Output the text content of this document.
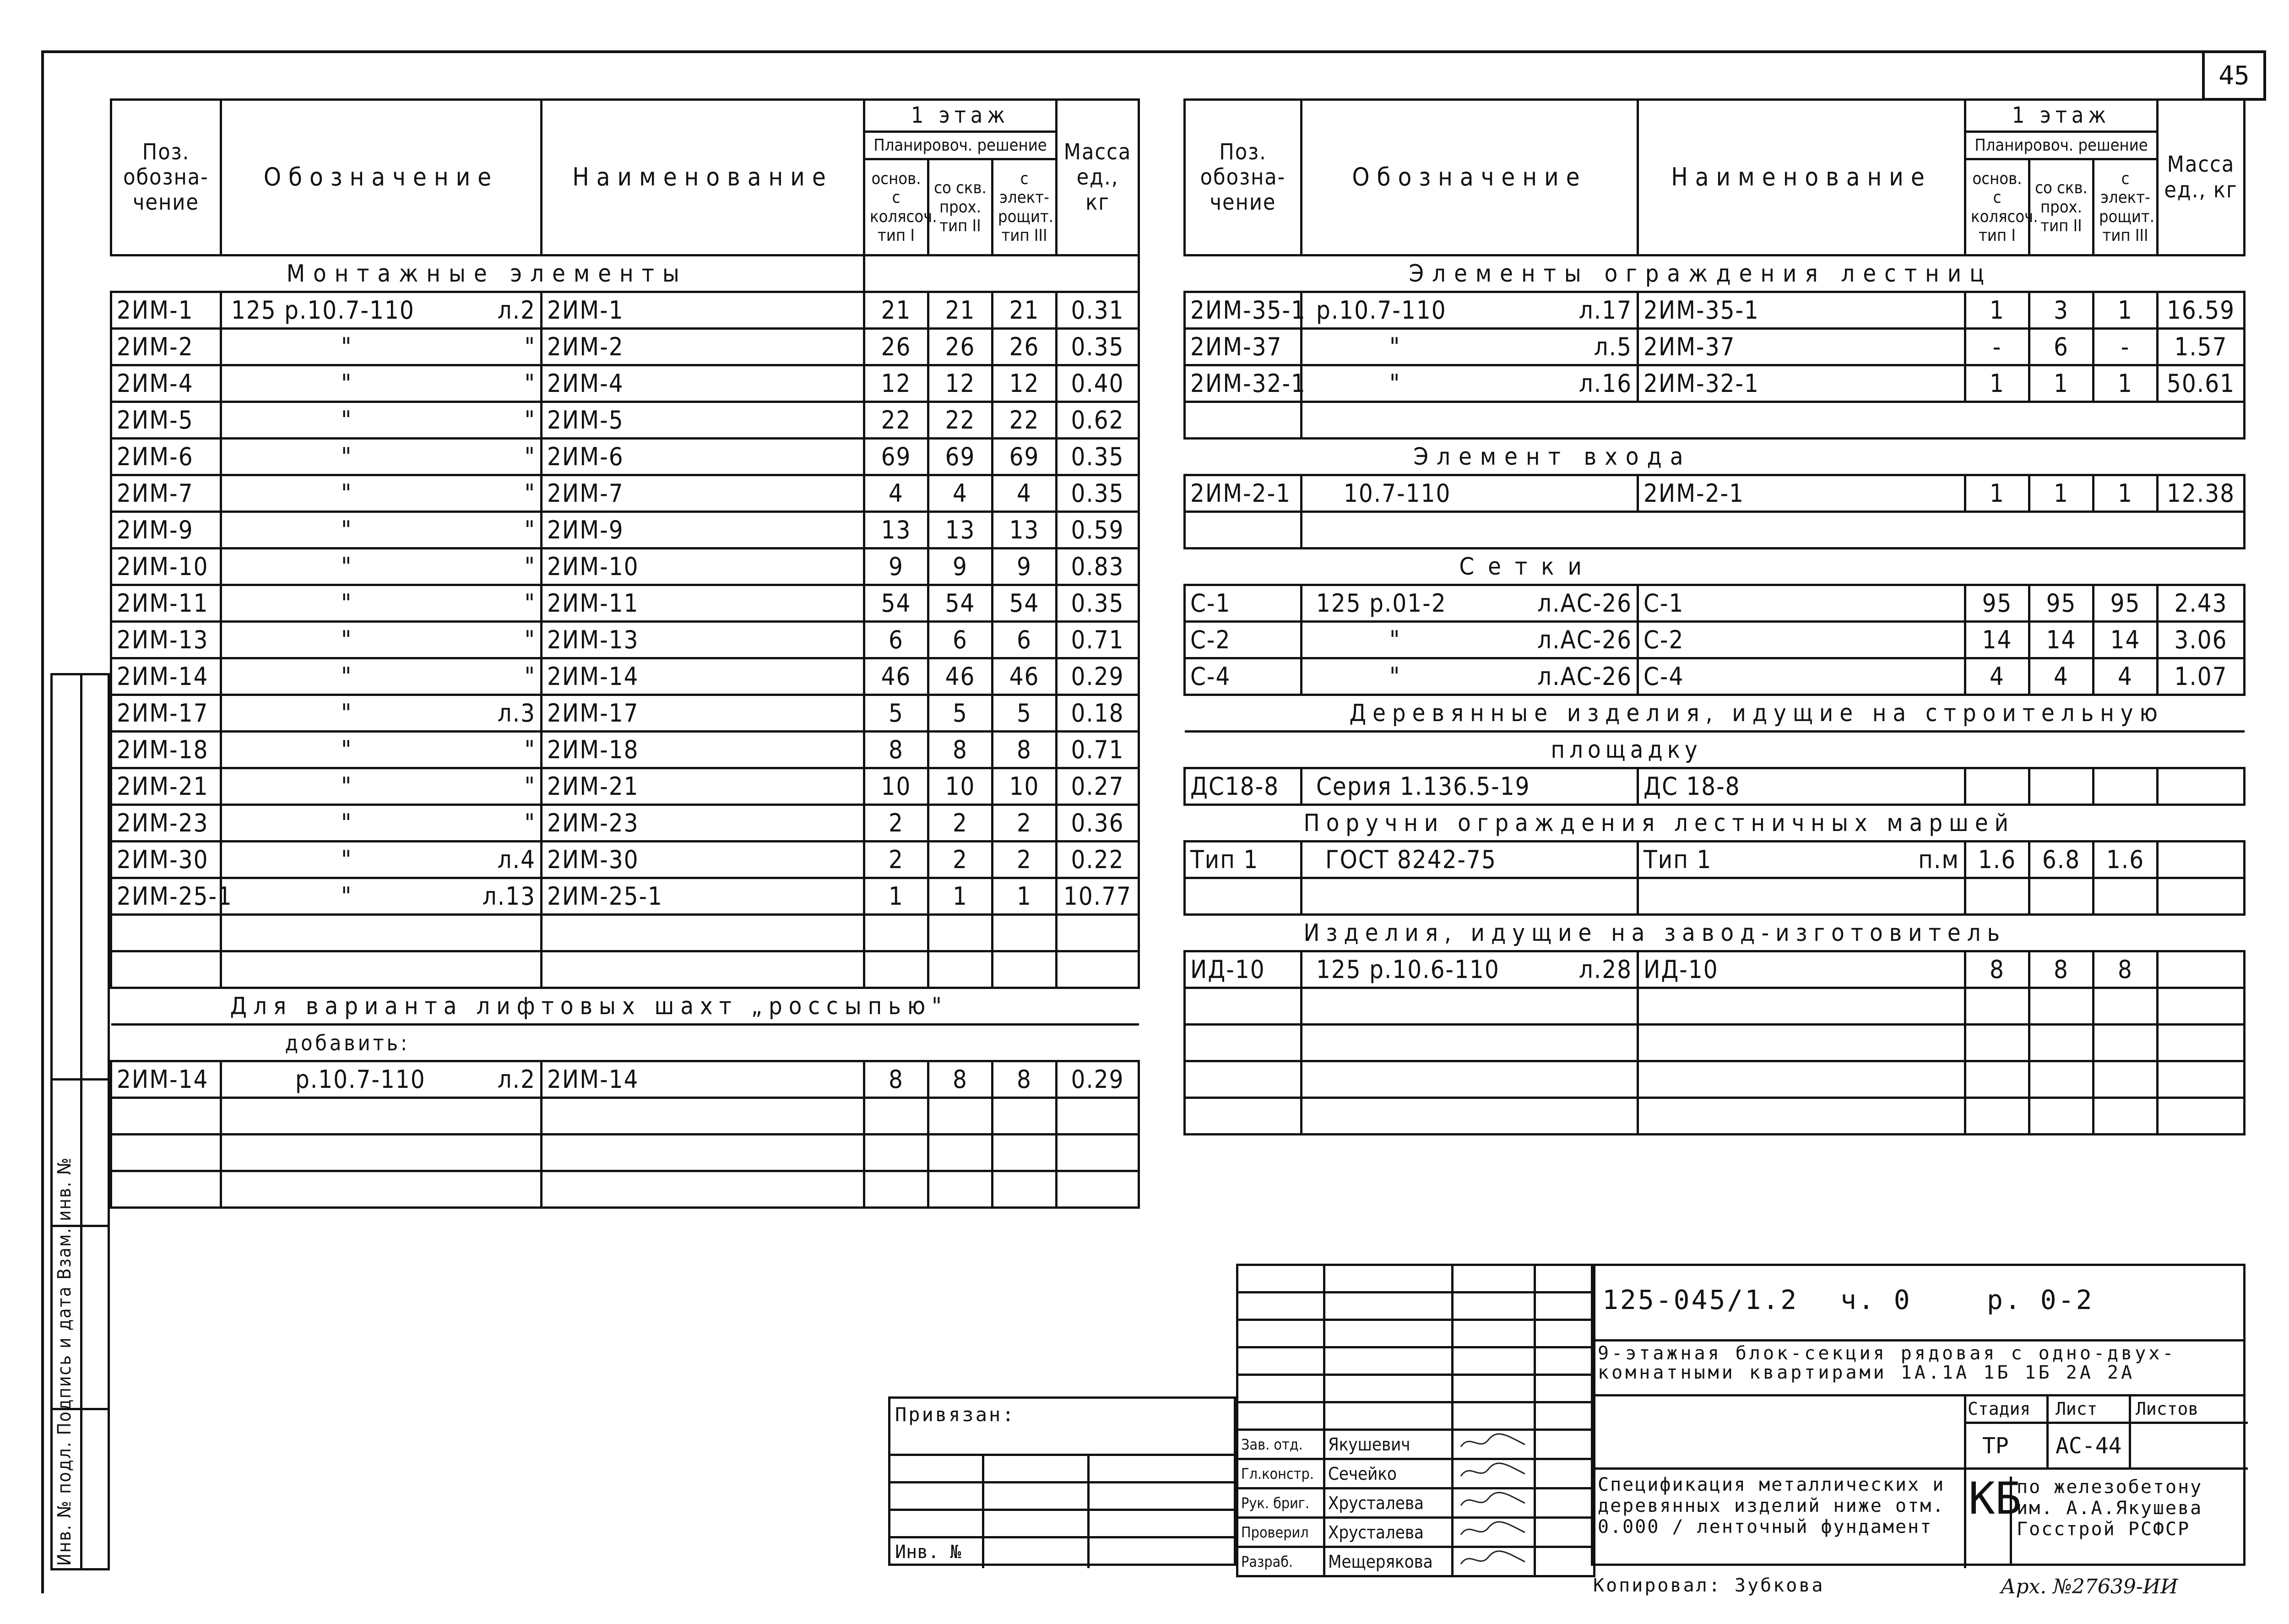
45
Инв. № подл. Подпись и дата Взам. инв. №
Поз. обозна- чение	Обозначение	Наименование	1 этаж			Масса ед., кг
			Планировоч. решение			
			основ. с колясоч. тип I	со скв. прох. тип II	с элект- рощит. тип III	
Монтажные элементы						
2ИМ-1	125 р.10.7-110 л.2	2ИМ-1	21	21	21	0.31
2ИМ-2	" "	2ИМ-2	26	26	26	0.35
2ИМ-4	" "	2ИМ-4	12	12	12	0.40
2ИМ-5	" "	2ИМ-5	22	22	22	0.62
2ИМ-6	" "	2ИМ-6	69	69	69	0.35
2ИМ-7	" "	2ИМ-7	4	4	4	0.35
2ИМ-9	" "	2ИМ-9	13	13	13	0.59
2ИМ-10	" "	2ИМ-10	9	9	9	0.83
2ИМ-11	" "	2ИМ-11	54	54	54	0.35
2ИМ-13	" "	2ИМ-13	6	6	6	0.71
2ИМ-14	" "	2ИМ-14	46	46	46	0.29
2ИМ-17	" л.3	2ИМ-17	5	5	5	0.18
2ИМ-18	" "	2ИМ-18	8	8	8	0.71
2ИМ-21	" "	2ИМ-21	10	10	10	0.27
2ИМ-23	" "	2ИМ-23	2	2	2	0.36
2ИМ-30	" л.4	2ИМ-30	2	2	2	0.22
2ИМ-25-1	" л.13	2ИМ-25-1	1	1	1	10.77

Для варианта лифтовых шахт „россыпью"						
добавить:						
2ИМ-14	р.10.7-110 л.2	2ИМ-14	8	8	8	0.29

Поз. обозна- чение	Обозначение	Наименование	1 этаж			Масса ед., кг
			Планировоч. решение			
			основ. с колясоч. тип I	со скв. прох. тип II	с элект- рощит. тип III	
Элементы ограждения лестниц						
2ИМ-35-1	р.10.7-110 л.17	2ИМ-35-1	1	3	1	16.59
2ИМ-37	" л.5	2ИМ-37	-	6	-	1.57
2ИМ-32-1	" л.16	2ИМ-32-1	1	1	1	50.61

Элемент входа						
2ИМ-2-1	10.7-110	2ИМ-2-1	1	1	1	12.38

Сетки						
С-1	125 р.01-2 л.АС-26	С-1	95	95	95	2.43
С-2	" л.АС-26	С-2	14	14	14	3.06
С-4	" л.АС-26	С-4	4	4	4	1.07
Деревянные изделия, идущие на строительную						
площадку						
ДС18-8	Серия 1.136.5-19	ДС 18-8				
Поручни ограждения лестничных маршей						
Тип 1	ГОСТ 8242-75	Тип 1 п.м	1.6	6.8	1.6	

Изделия, идущие на завод-изготовитель						
ИД-10	125 р.10.6-110 л.28	ИД-10	8	8	8	

Зав. отд.	Якушевич		
Гл.констр.	Сечейко		
Рук. бриг.	Хрусталева		
Проверил	Хрусталева		
Разраб.	Мещерякова		
Привязан:
Инв. №
125-045/1.2 ч. 0	р. 0-2
9-этажная блок-секция рядовая с одно-двух- комнатными квартирами 1А.1А 1Б 1Б 2А 2А
Стадия Лист Листов
ТР АС-44
Спецификация металлических и деревянных изделий ниже отм. 0.000 / ленточный фундамент
КБ
по железобетону им. А.А.Якушева Госстрой РСФСР
Копировал: Зубкова	Арх. №27639-ИИ
